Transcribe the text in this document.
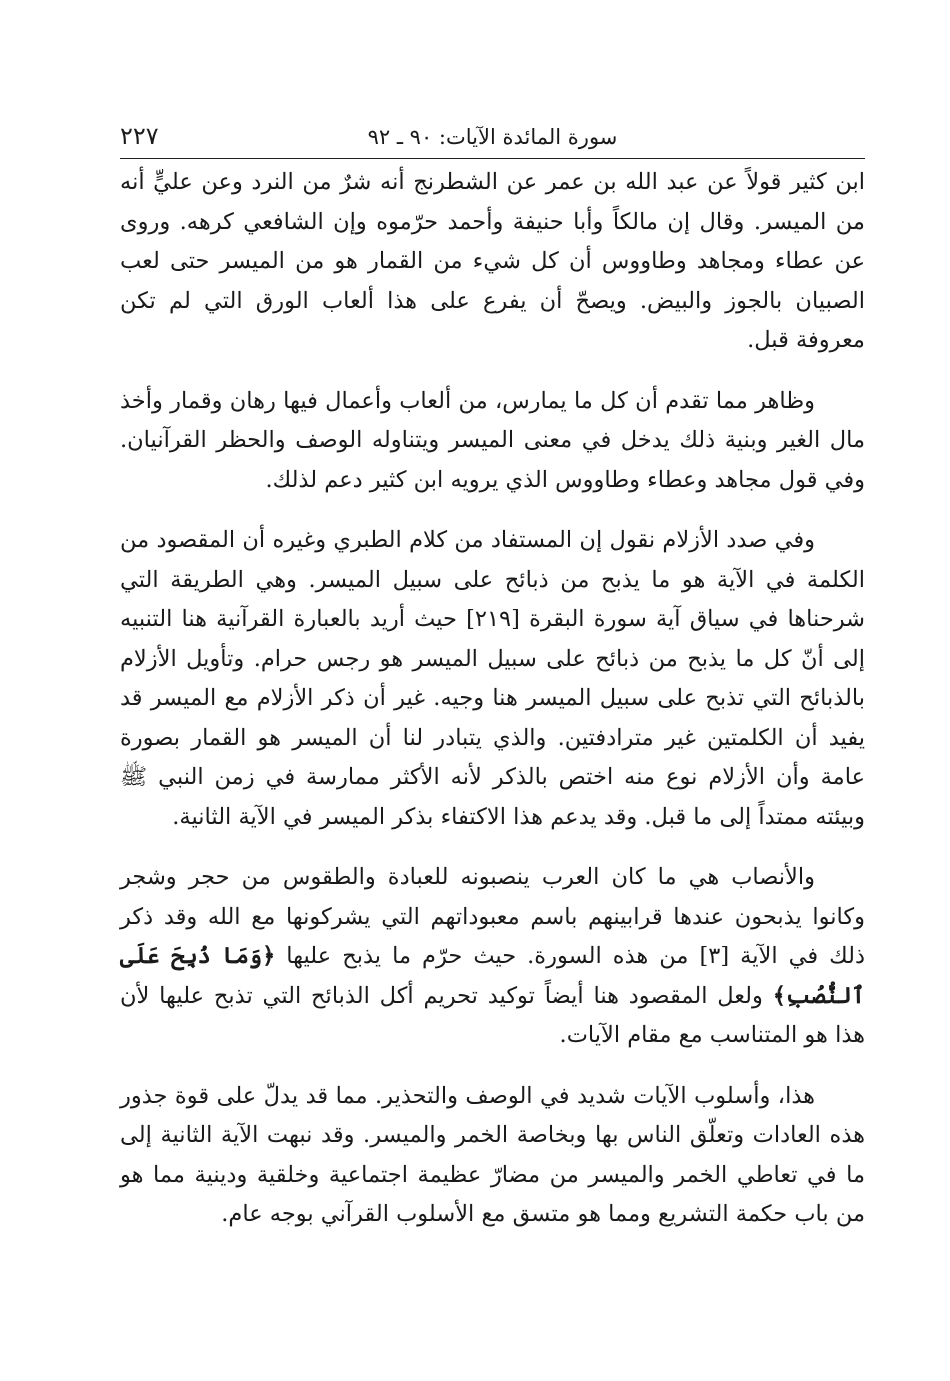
سورة المائدة الآيات: ٩٠ ـ ٩٢
٢٢٧

ابن كثير قولاً عن عبد الله بن عمر عن الشطرنج أنه شرٌ من النرد وعن عليٍّ أنه من الميسر. وقال إن مالكاً وأبا حنيفة وأحمد حرّموه وإن الشافعي كرهه. وروى عن عطاء ومجاهد وطاووس أن كل شيء من القمار هو من الميسر حتى لعب الصبيان بالجوز والبيض. ويصحّ أن يفرع على هذا ألعاب الورق التي لم تكن معروفة قبل.

وظاهر مما تقدم أن كل ما يمارس، من ألعاب وأعمال فيها رهان وقمار وأخذ مال الغير وبنية ذلك يدخل في معنى الميسر ويتناوله الوصف والحظر القرآنيان. وفي قول مجاهد وعطاء وطاووس الذي يرويه ابن كثير دعم لذلك.

وفي صدد الأزلام نقول إن المستفاد من كلام الطبري وغيره أن المقصود من الكلمة في الآية هو ما يذبح من ذبائح على سبيل الميسر. وهي الطريقة التي شرحناها في سياق آية سورة البقرة [٢١٩] حيث أريد بالعبارة القرآنية هنا التنبيه إلى أنّ كل ما يذبح من ذبائح على سبيل الميسر هو رجس حرام. وتأويل الأزلام بالذبائح التي تذبح على سبيل الميسر هنا وجيه. غير أن ذكر الأزلام مع الميسر قد يفيد أن الكلمتين غير مترادفتين. والذي يتبادر لنا أن الميسر هو القمار بصورة عامة وأن الأزلام نوع منه اختص بالذكر لأنه الأكثر ممارسة في زمن النبي ﷺ وبيئته ممتداً إلى ما قبل. وقد يدعم هذا الاكتفاء بذكر الميسر في الآية الثانية.

والأنصاب هي ما كان العرب ينصبونه للعبادة والطقوس من حجر وشجر وكانوا يذبحون عندها قرابينهم باسم معبوداتهم التي يشركونها مع الله وقد ذكر ذلك في الآية [٣] من هذه السورة. حيث حرّم ما يذبح عليها ﴿وَمَا ذُبِحَ عَلَى ٱلنُّصُبِ﴾ ولعل المقصود هنا أيضاً توكيد تحريم أكل الذبائح التي تذبح عليها لأن هذا هو المتناسب مع مقام الآيات.

هذا، وأسلوب الآيات شديد في الوصف والتحذير. مما قد يدلّ على قوة جذور هذه العادات وتعلّق الناس بها وبخاصة الخمر والميسر. وقد نبهت الآية الثانية إلى ما في تعاطي الخمر والميسر من مضارّ عظيمة اجتماعية وخلقية ودينية مما هو من باب حكمة التشريع ومما هو متسق مع الأسلوب القرآني بوجه عام.
